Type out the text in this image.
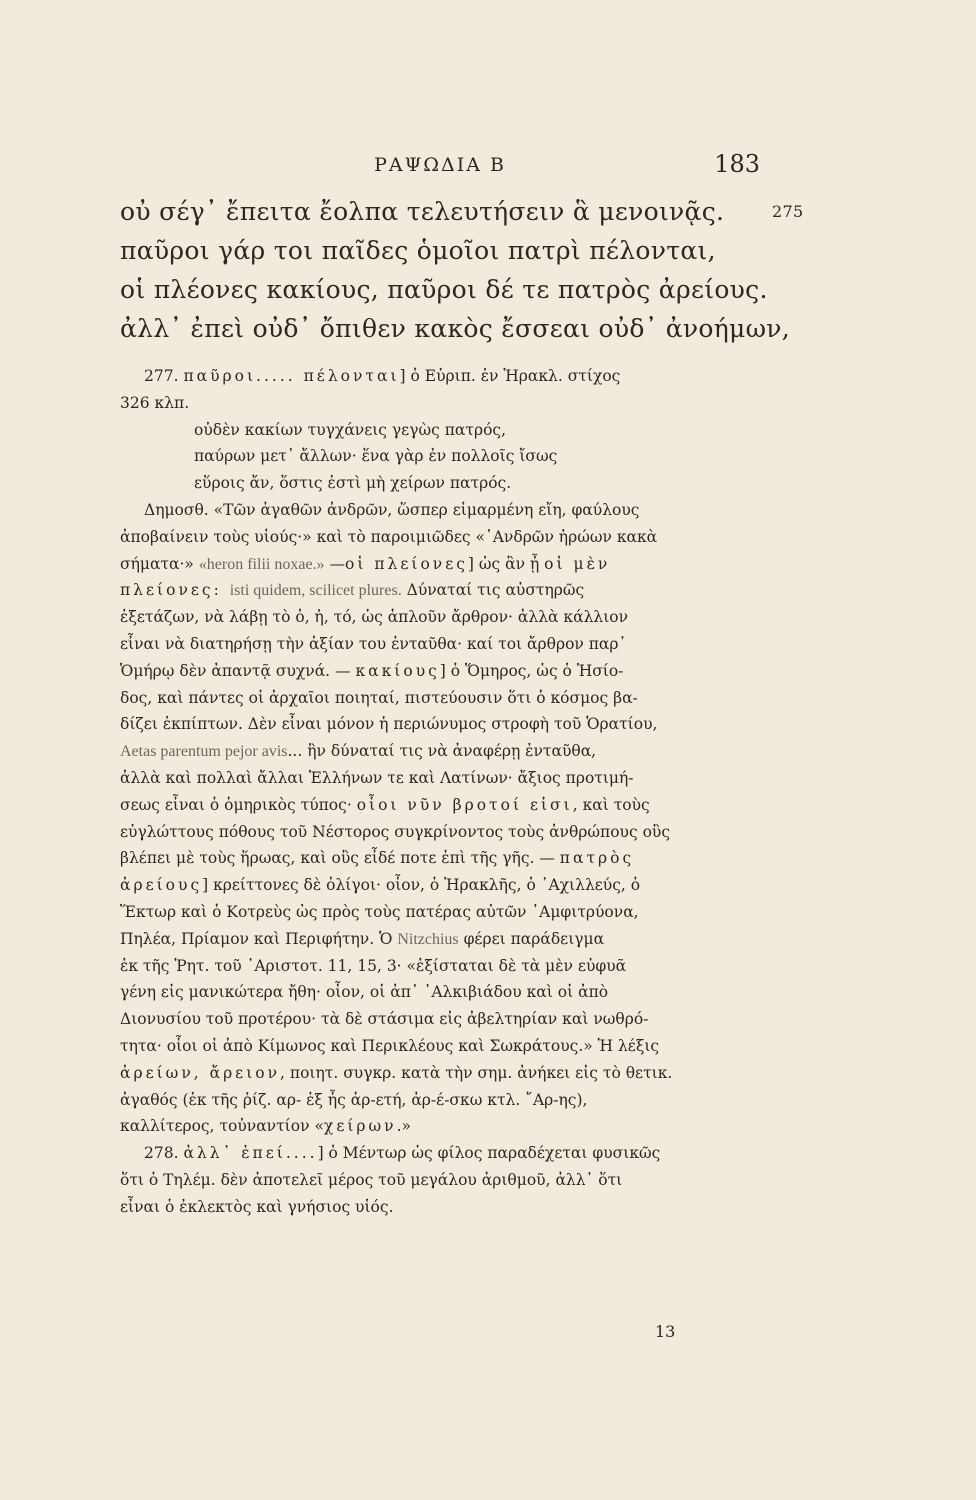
ΡΑΨΩΔΙΑ Β	183
οὐ σέγ᾽ ἔπειτα ἔολπα τελευτήσειν ἃ μενοινᾷς.	275
παῦροι γάρ τοι παῖδες ὁμοῖοι πατρὶ πέλονται,
οἱ πλέονες κακίους, παῦροι δέ τε πατρὸς ἀρείους.
ἀλλ᾽ ἐπεὶ οὐδ᾽ ὄπιθεν κακὸς ἔσσεαι οὐδ᾽ ἀνοήμων,
277. παῦροι..... πέλονται] ὁ Εὐριπ. ἐν Ἡρακλ. στίχος
326 κλπ.
οὐδὲν κακίων τυγχάνεις γεγὼς πατρός,
παύρων μετ᾽ ἄλλων· ἕνα γὰρ ἐν πολλοῖς ἴσως
εὕροις ἄν, ὅστις ἐστὶ μὴ χείρων πατρός.
Δημοσθ. «Τῶν ἀγαθῶν ἀνδρῶν, ὥσπερ εἱμαρμένη εἴη, φαύλους
ἀποβαίνειν τοὺς υἱούς·» καὶ τὸ παροιμιῶδες «᾽Ανδρῶν ἡρώων κακὰ
σήματα·» «heron filii noxae.» —οἱ πλείονες] ὡς ἂν ᾖ οἱ μὲν
πλείονες: isti quidem, scilicet plures. Δύναταί τις αὐστηρῶς
ἐξετάζων, νὰ λάβῃ τὸ ὁ, ἡ, τό, ὡς ἁπλοῦν ἄρθρον· ἀλλὰ κάλλιον
εἶναι νὰ διατηρήσῃ τὴν ἀξίαν του ἐνταῦθα· καί τοι ἄρθρον παρ᾽
Ὁμήρῳ δὲν ἀπαντᾷ συχνά. — κακίους] ὁ Ὅμηρος, ὡς ὁ Ἡσίο-
δος, καὶ πάντες οἱ ἀρχαῖοι ποιηταί, πιστεύουσιν ὅτι ὁ κόσμος βα-
δίζει ἐκπίπτων. Δὲν εἶναι μόνον ἡ περιώνυμος στροφὴ τοῦ Ὁρατίου,
Aetas parentum pejor avis... ἣν δύναταί τις νὰ ἀναφέρῃ ἐνταῦθα,
ἀλλὰ καὶ πολλαὶ ἄλλαι Ἑλλήνων τε καὶ Λατίνων· ἄξιος προτιμή-
σεως εἶναι ὁ ὁμηρικὸς τύπος· οἷοι νῦν βροτοί εἰσι, καὶ τοὺς
εὐγλώττους πόθους τοῦ Νέστορος συγκρίνοντος τοὺς ἀνθρώπους οὓς
βλέπει μὲ τοὺς ἥρωας, καὶ οὓς εἶδέ ποτε ἐπὶ τῆς γῆς. — πατρὸς
ἀρείους] κρείττονες δὲ ὀλίγοι· οἷον, ὁ Ἡρακλῆς, ὁ ᾽Αχιλλεύς, ὁ
Ἕκτωρ καὶ ὁ Κοτρεὺς ὡς πρὸς τοὺς πατέρας αὐτῶν ᾽Αμφιτρύονα,
Πηλέα, Πρίαμον καὶ Περιφήτην. Ὁ Nitzchius φέρει παράδειγμα
ἐκ τῆς Ῥητ. τοῦ ᾽Αριστοτ. 11, 15, 3· «ἐξίσταται δὲ τὰ μὲν εὐφυᾶ
γένη εἰς μανικώτερα ἤθη· οἷον, οἱ ἀπ᾽ ᾽Αλκιβιάδου καὶ οἱ ἀπὸ
Διονυσίου τοῦ προτέρου· τὰ δὲ στάσιμα εἰς ἀβελτηρίαν καὶ νωθρό-
τητα· οἷοι οἱ ἀπὸ Κίμωνος καὶ Περικλέους καὶ Σωκράτους.» Ἡ λέξις
ἀρείων, ἄρειον, ποιητ. συγκρ. κατὰ τὴν σημ. ἀνήκει εἰς τὸ θετικ.
ἀγαθός (ἐκ τῆς ῥίζ. αρ- ἐξ ἧς ἀρ-ετή, ἀρ-έ-σκω κτλ. ῎Αρ-ης),
καλλίτερος, τοὐναντίον «χείρων.»
278. ἀλλ᾽ ἐπεί....] ὁ Μέντωρ ὡς φίλος παραδέχεται φυσικῶς
ὅτι ὁ Τηλέμ. δὲν ἀποτελεῖ μέρος τοῦ μεγάλου ἀριθμοῦ, ἀλλ᾽ ὅτι
εἶναι ὁ ἐκλεκτὸς καὶ γνήσιος υἱός.
13
